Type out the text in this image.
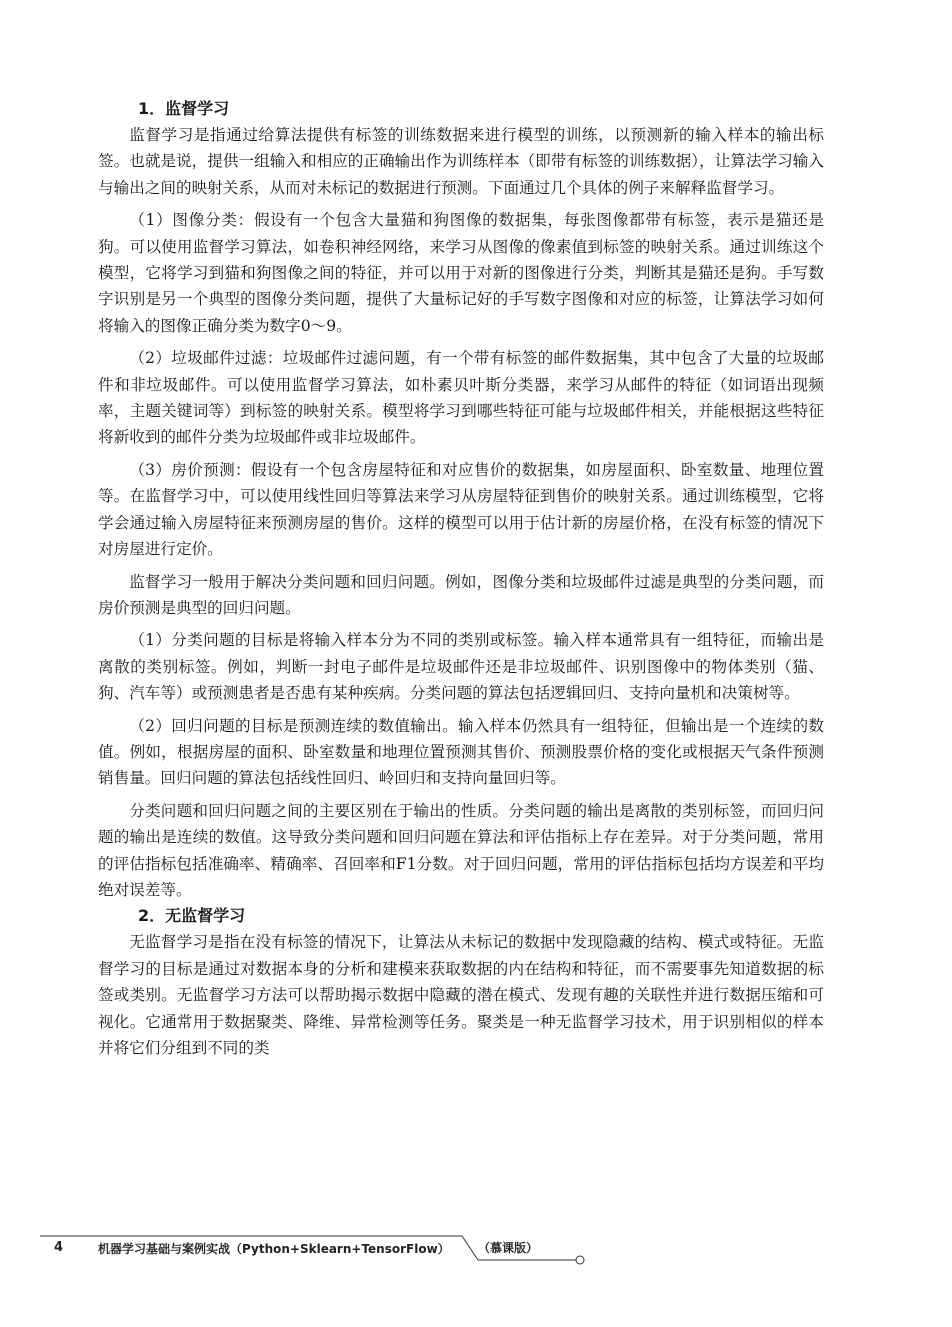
1．监督学习

监督学习是指通过给算法提供有标签的训练数据来进行模型的训练，以预测新的输入样本的输出标签。也就是说，提供一组输入和相应的正确输出作为训练样本（即带有标签的训练数据），让算法学习输入与输出之间的映射关系，从而对未标记的数据进行预测。下面通过几个具体的例子来解释监督学习。

（1）图像分类：假设有一个包含大量猫和狗图像的数据集，每张图像都带有标签，表示是猫还是狗。可以使用监督学习算法，如卷积神经网络，来学习从图像的像素值到标签的映射关系。通过训练这个模型，它将学习到猫和狗图像之间的特征，并可以用于对新的图像进行分类，判断其是猫还是狗。手写数字识别是另一个典型的图像分类问题，提供了大量标记好的手写数字图像和对应的标签，让算法学习如何将输入的图像正确分类为数字0～9。

（2）垃圾邮件过滤：垃圾邮件过滤问题，有一个带有标签的邮件数据集，其中包含了大量的垃圾邮件和非垃圾邮件。可以使用监督学习算法，如朴素贝叶斯分类器，来学习从邮件的特征（如词语出现频率，主题关键词等）到标签的映射关系。模型将学习到哪些特征可能与垃圾邮件相关，并能根据这些特征将新收到的邮件分类为垃圾邮件或非垃圾邮件。

（3）房价预测：假设有一个包含房屋特征和对应售价的数据集，如房屋面积、卧室数量、地理位置等。在监督学习中，可以使用线性回归等算法来学习从房屋特征到售价的映射关系。通过训练模型，它将学会通过输入房屋特征来预测房屋的售价。这样的模型可以用于估计新的房屋价格，在没有标签的情况下对房屋进行定价。

监督学习一般用于解决分类问题和回归问题。例如，图像分类和垃圾邮件过滤是典型的分类问题，而房价预测是典型的回归问题。

（1）分类问题的目标是将输入样本分为不同的类别或标签。输入样本通常具有一组特征，而输出是离散的类别标签。例如，判断一封电子邮件是垃圾邮件还是非垃圾邮件、识别图像中的物体类别（猫、狗、汽车等）或预测患者是否患有某种疾病。分类问题的算法包括逻辑回归、支持向量机和决策树等。

（2）回归问题的目标是预测连续的数值输出。输入样本仍然具有一组特征，但输出是一个连续的数值。例如，根据房屋的面积、卧室数量和地理位置预测其售价、预测股票价格的变化或根据天气条件预测销售量。回归问题的算法包括线性回归、岭回归和支持向量回归等。

分类问题和回归问题之间的主要区别在于输出的性质。分类问题的输出是离散的类别标签，而回归问题的输出是连续的数值。这导致分类问题和回归问题在算法和评估指标上存在差异。对于分类问题，常用的评估指标包括准确率、精确率、召回率和F1分数。对于回归问题，常用的评估指标包括均方误差和平均绝对误差等。

2．无监督学习

无监督学习是指在没有标签的情况下，让算法从未标记的数据中发现隐藏的结构、模式或特征。无监督学习的目标是通过对数据本身的分析和建模来获取数据的内在结构和特征，而不需要事先知道数据的标签或类别。无监督学习方法可以帮助揭示数据中隐藏的潜在模式、发现有趣的关联性并进行数据压缩和可视化。它通常用于数据聚类、降维、异常检测等任务。聚类是一种无监督学习技术，用于识别相似的样本并将它们分组到不同的类

4	机器学习基础与案例实战（Python+Sklearn+TensorFlow） （慕课版）
